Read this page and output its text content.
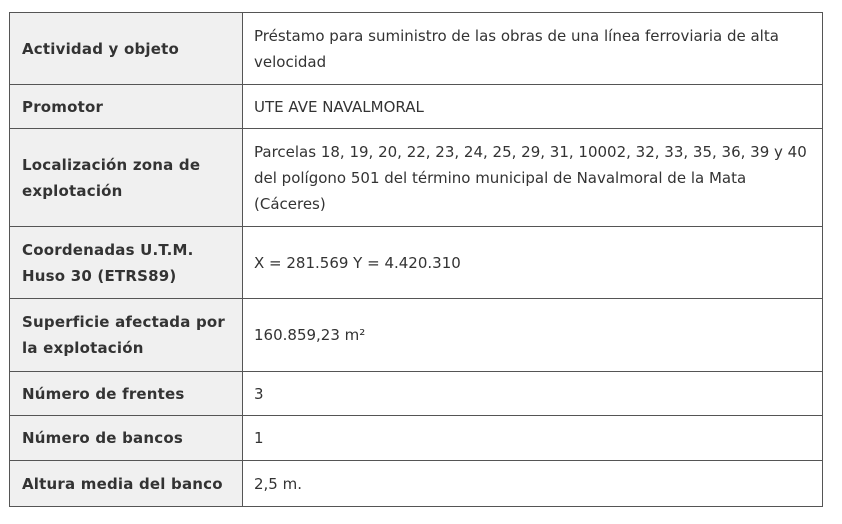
Actividad y objeto	Préstamo para suministro de las obras de una línea ferroviaria de alta velocidad
Promotor	UTE AVE NAVALMORAL
Localización zona de explotación	Parcelas 18, 19, 20, 22, 23, 24, 25, 29, 31, 10002, 32, 33, 35, 36, 39 y 40 del polígono 501 del término municipal de Navalmoral de la Mata (Cáceres)
Coordenadas U.T.M. Huso 30 (ETRS89)	X = 281.569 Y = 4.420.310
Superficie afectada por la explotación	160.859,23 m²
Número de frentes	3
Número de bancos	1
Altura media del banco	2,5 m.
